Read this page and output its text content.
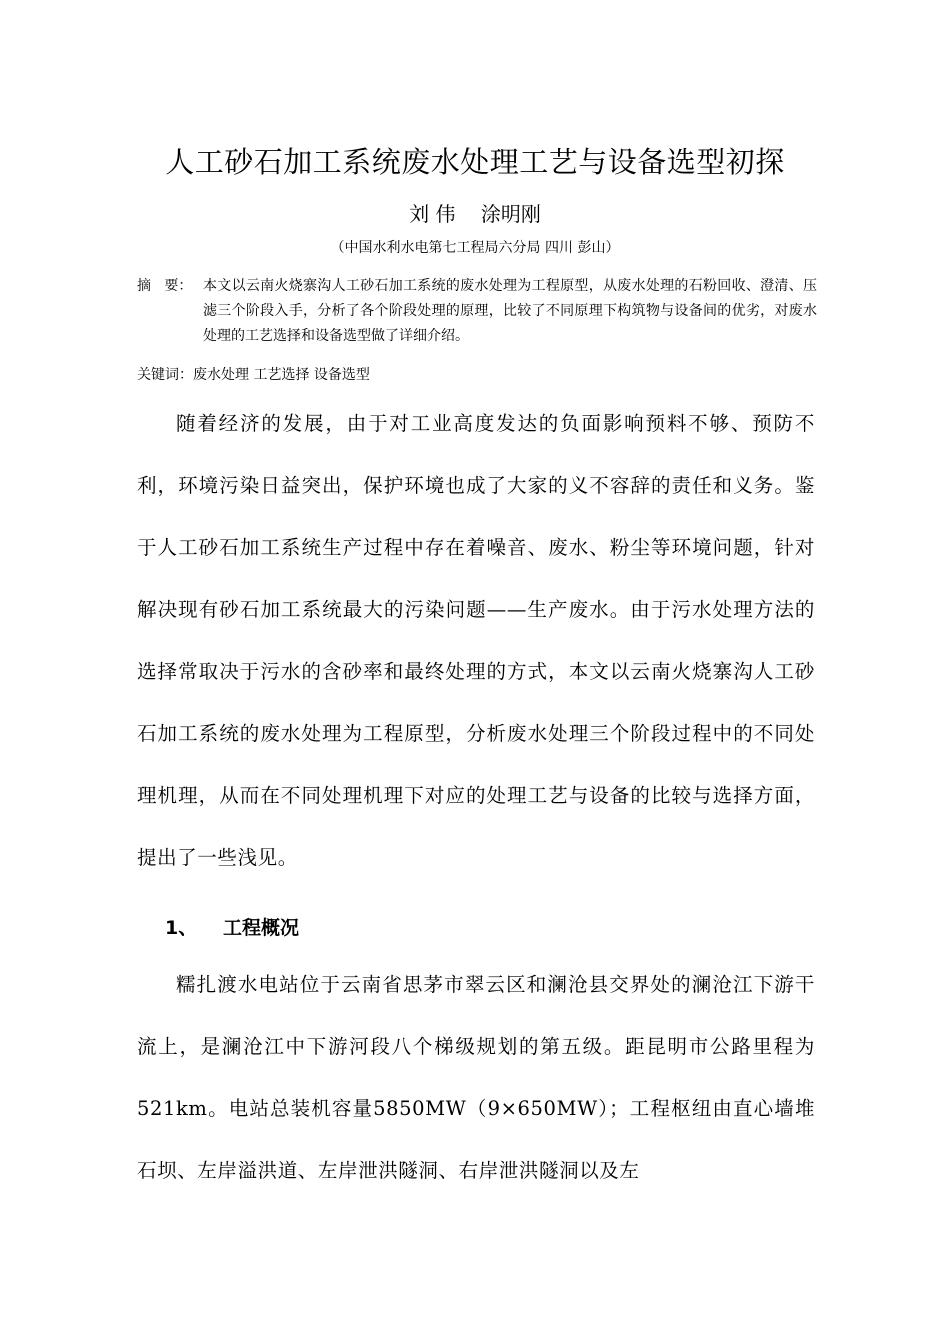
人工砂石加工系统废水处理工艺与设备选型初探
刘 伟    涂明刚
（中国水利水电第七工程局六分局 四川 彭山）
摘   要： 本文以云南火烧寨沟人工砂石加工系统的废水处理为工程原型，从废水处理的石粉回收、澄清、压滤三个阶段入手，分析了各个阶段处理的原理，比较了不同原理下构筑物与设备间的优劣，对废水处理的工艺选择和设备选型做了详细介绍。
关键词：废水处理 工艺选择 设备选型
随着经济的发展，由于对工业高度发达的负面影响预料不够、预防不利，环境污染日益突出，保护环境也成了大家的义不容辞的责任和义务。鉴于人工砂石加工系统生产过程中存在着噪音、废水、粉尘等环境问题，针对解决现有砂石加工系统最大的污染问题——生产废水。由于污水处理方法的选择常取决于污水的含砂率和最终处理的方式，本文以云南火烧寨沟人工砂石加工系统的废水处理为工程原型，分析废水处理三个阶段过程中的不同处理机理，从而在不同处理机理下对应的处理工艺与设备的比较与选择方面，提出了一些浅见。
1、 工程概况
糯扎渡水电站位于云南省思茅市翠云区和澜沧县交界处的澜沧江下游干流上，是澜沧江中下游河段八个梯级规划的第五级。距昆明市公路里程为521km。电站总装机容量5850MW（9×650MW）；工程枢纽由直心墙堆石坝、左岸溢洪道、左岸泄洪隧洞、右岸泄洪隧洞以及左
